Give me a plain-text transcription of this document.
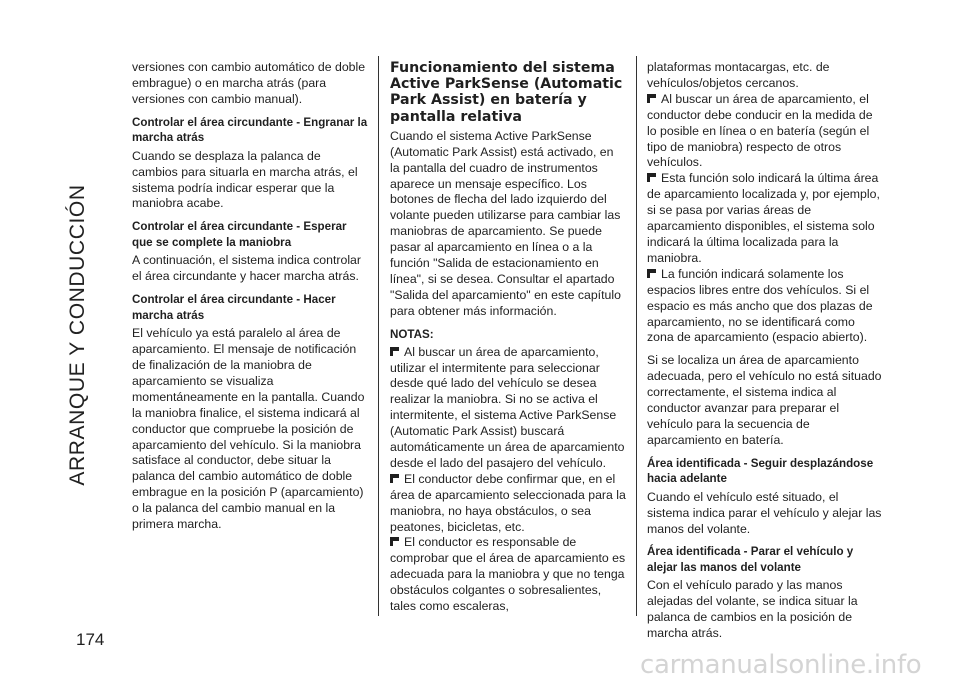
ARRANQUE Y CONDUCCIÓN
174

versiones con cambio automático de doble embrague) o en marcha atrás (para versiones con cambio manual).

Controlar el área circundante - Engranar la marcha atrás

Cuando se desplaza la palanca de cambios para situarla en marcha atrás, el sistema podría indicar esperar que la maniobra acabe.

Controlar el área circundante - Esperar que se complete la maniobra

A continuación, el sistema indica controlar el área circundante y hacer marcha atrás.

Controlar el área circundante - Hacer marcha atrás

El vehículo ya está paralelo al área de aparcamiento. El mensaje de notificación de finalización de la maniobra de aparcamiento se visualiza momentáneamente en la pantalla. Cuando la maniobra finalice, el sistema indicará al conductor que compruebe la posición de aparcamiento del vehículo. Si la maniobra satisface al conductor, debe situar la palanca del cambio automático de doble embrague en la posición P (aparcamiento) o la palanca del cambio manual en la primera marcha.

Funcionamiento del sistema Active ParkSense (Automatic Park Assist) en batería y pantalla relativa

Cuando el sistema Active ParkSense (Automatic Park Assist) está activado, en la pantalla del cuadro de instrumentos aparece un mensaje específico. Los botones de flecha del lado izquierdo del volante pueden utilizarse para cambiar las maniobras de aparcamiento. Se puede pasar al aparcamiento en línea o a la función "Salida de estacionamiento en línea", si se desea. Consultar el apartado "Salida del aparcamiento" en este capítulo para obtener más información.

NOTAS:

Al buscar un área de aparcamiento, utilizar el intermitente para seleccionar desde qué lado del vehículo se desea realizar la maniobra. Si no se activa el intermitente, el sistema Active ParkSense (Automatic Park Assist) buscará automáticamente un área de aparcamiento desde el lado del pasajero del vehículo.

El conductor debe confirmar que, en el área de aparcamiento seleccionada para la maniobra, no haya obstáculos, o sea peatones, bicicletas, etc.

El conductor es responsable de comprobar que el área de aparcamiento es adecuada para la maniobra y que no tenga obstáculos colgantes o sobresalientes, tales como escaleras,

plataformas montacargas, etc. de vehículos/objetos cercanos.

Al buscar un área de aparcamiento, el conductor debe conducir en la medida de lo posible en línea o en batería (según el tipo de maniobra) respecto de otros vehículos.

Esta función solo indicará la última área de aparcamiento localizada y, por ejemplo, si se pasa por varias áreas de aparcamiento disponibles, el sistema solo indicará la última localizada para la maniobra.

La función indicará solamente los espacios libres entre dos vehículos. Si el espacio es más ancho que dos plazas de aparcamiento, no se identificará como zona de aparcamiento (espacio abierto).

Si se localiza un área de aparcamiento adecuada, pero el vehículo no está situado correctamente, el sistema indica al conductor avanzar para preparar el vehículo para la secuencia de aparcamiento en batería.

Área identificada - Seguir desplazándose hacia adelante

Cuando el vehículo esté situado, el sistema indica parar el vehículo y alejar las manos del volante.

Área identificada - Parar el vehículo y alejar las manos del volante

Con el vehículo parado y las manos alejadas del volante, se indica situar la palanca de cambios en la posición de marcha atrás.

carmanualsonline.info
